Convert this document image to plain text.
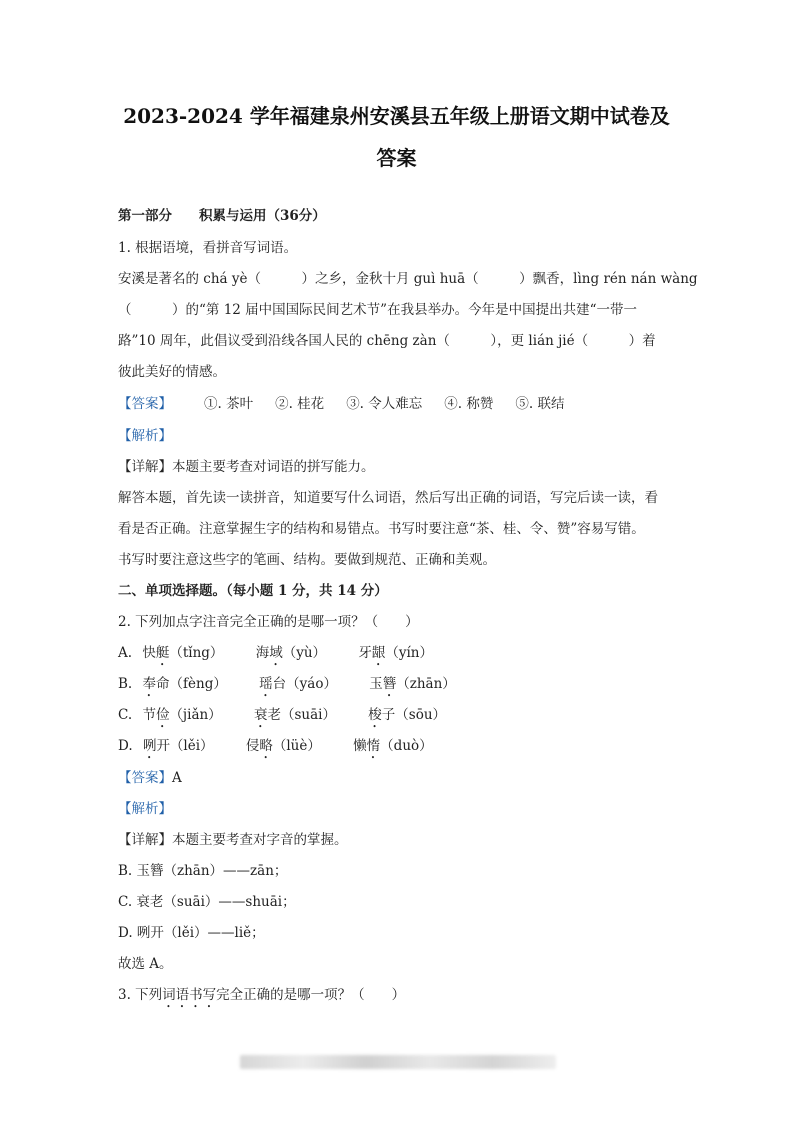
2023-2024 学年福建泉州安溪县五年级上册语文期中试卷及
答案
第一部分　　积累与运用（36分）
1. 根据语境，看拼音写词语。
安溪是著名的 chá yè（　　　）之乡，金秋十月 guì huā（　　　）飘香，lìng rén nán wàng
（　　　）的“第 12 届中国国际民间艺术节”在我县举办。今年是中国提出共建“一带一
路”10 周年，此倡议受到沿线各国人民的 chēng zàn（　　　），更 lián jié（　　　）着
彼此美好的情感。
【答案】 ①. 茶叶 ②. 桂花 ③. 令人难忘 ④. 称赞 ⑤. 联结
【解析】
【详解】本题主要考查对词语的拼写能力。
解答本题，首先读一读拼音，知道要写什么词语，然后写出正确的词语，写完后读一读，看
看是否正确。注意掌握生字的结构和易错点。书写时要注意“茶、桂、令、赞”容易写错。
书写时要注意这些字的笔画、结构。要做到规范、正确和美观。
二、单项选择题。（每小题 1 分，共 14 分）
2. 下列加点字注音完全正确的是哪一项？（　　）
A. 快艇（tǐng） 海域（yù） 牙龈（yín）
B. 奉命（fèng） 瑶台（yáo） 玉簪（zhān）
C. 节俭（jiǎn） 衰老（suāi） 梭子（sōu）
D. 咧开（lěi） 侵略（lüè） 懒惰（duò）
【答案】A
【解析】
【详解】本题主要考查对字音的掌握。
B. 玉簪（zhān）——zān；
C. 衰老（suāi）——shuāi；
D. 咧开（lěi）——liě；
故选 A。
3. 下列词语书写完全正确的是哪一项？（　　）
